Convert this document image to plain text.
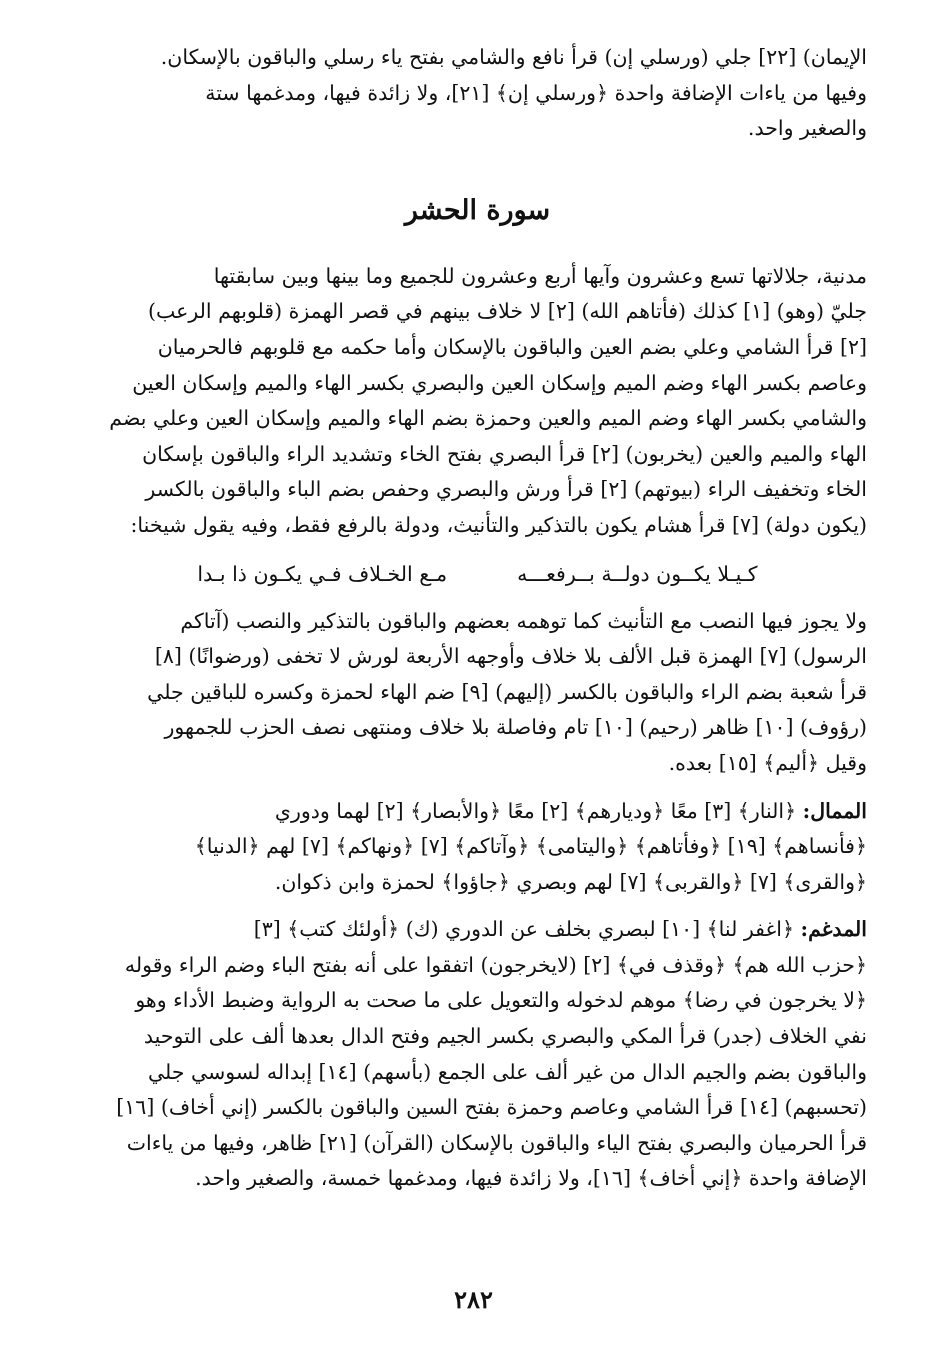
الإيمان) [٢٢] جلي (ورسلي إن) قرأ نافع والشامي بفتح ياء رسلي والباقون بالإسكان.
وفيها من ياءات الإضافة واحدة ﴿ورسلي إن﴾ [٢١]، ولا زائدة فيها، ومدغمها ستة
والصغير واحد.

سورة الحشر

مدنية، جلالاتها تسع وعشرون وآيها أربع وعشرون للجميع وما بينها وبين سابقتها
جليّ (وهو) [١] كذلك (فأتاهم الله) [٢] لا خلاف بينهم في قصر الهمزة (قلوبهم الرعب)
[٢] قرأ الشامي وعلي بضم العين والباقون بالإسكان وأما حكمه مع قلوبهم فالحرميان
وعاصم بكسر الهاء وضم الميم وإسكان العين والبصري بكسر الهاء والميم وإسكان العين
والشامي بكسر الهاء وضم الميم والعين وحمزة بضم الهاء والميم وإسكان العين وعلي بضم
الهاء والميم والعين (يخربون) [٢] قرأ البصري بفتح الخاء وتشديد الراء والباقون بإسكان
الخاء وتخفيف الراء (بيوتهم) [٢] قرأ ورش والبصري وحفص بضم الباء والباقون بالكسر
(يكون دولة) [٧] قرأ هشام يكون بالتذكير والتأنيث، ودولة بالرفع فقط، وفيه يقول شيخنا:

كـيـلا يكــون دولــة بــرفعـــه
مـع الخـلاف فـي يكـون ذا بـدا

ولا يجوز فيها النصب مع التأنيث كما توهمه بعضهم والباقون بالتذكير والنصب (آتاكم
الرسول) [٧] الهمزة قبل الألف بلا خلاف وأوجهه الأربعة لورش لا تخفى (ورضوانًا) [٨]
قرأ شعبة بضم الراء والباقون بالكسر (إليهم) [٩] ضم الهاء لحمزة وكسره للباقين جلي
(رؤوف) [١٠] ظاهر (رحيم) [١٠] تام وفاصلة بلا خلاف ومنتهى نصف الحزب للجمهور
وقيل ﴿أليم﴾ [١٥] بعده.

الممال: ﴿النار﴾ [٣] معًا ﴿وديارهم﴾ [٢] معًا ﴿والأبصار﴾ [٢] لهما ودوري
﴿فأنساهم﴾ [١٩] ﴿وفأتاهم﴾ ﴿واليتامى﴾ ﴿وآتاكم﴾ [٧] ﴿ونهاكم﴾ [٧] لهم ﴿الدنيا﴾
﴿والقرى﴾ [٧] ﴿والقربى﴾ [٧] لهم وبصري ﴿جاؤوا﴾ لحمزة وابن ذكوان.

المدغم: ﴿اغفر لنا﴾ [١٠] لبصري بخلف عن الدوري (ك) ﴿أولئك كتب﴾ [٣]
﴿حزب الله هم﴾ ﴿وقذف في﴾ [٢] (لايخرجون) اتفقوا على أنه بفتح الباء وضم الراء وقوله
﴿لا يخرجون في رضا﴾ موهم لدخوله والتعويل على ما صحت به الرواية وضبط الأداء وهو
نفي الخلاف (جدر) قرأ المكي والبصري بكسر الجيم وفتح الدال بعدها ألف على التوحيد
والباقون بضم والجيم الدال من غير ألف على الجمع (بأسهم) [١٤] إبداله لسوسي جلي
(تحسبهم) [١٤] قرأ الشامي وعاصم وحمزة بفتح السين والباقون بالكسر (إني أخاف) [١٦]
قرأ الحرميان والبصري بفتح الياء والباقون بالإسكان (القرآن) [٢١] ظاهر، وفيها من ياءات
الإضافة واحدة ﴿إني أخاف﴾ [١٦]، ولا زائدة فيها، ومدغمها خمسة، والصغير واحد.

٢٨٢
